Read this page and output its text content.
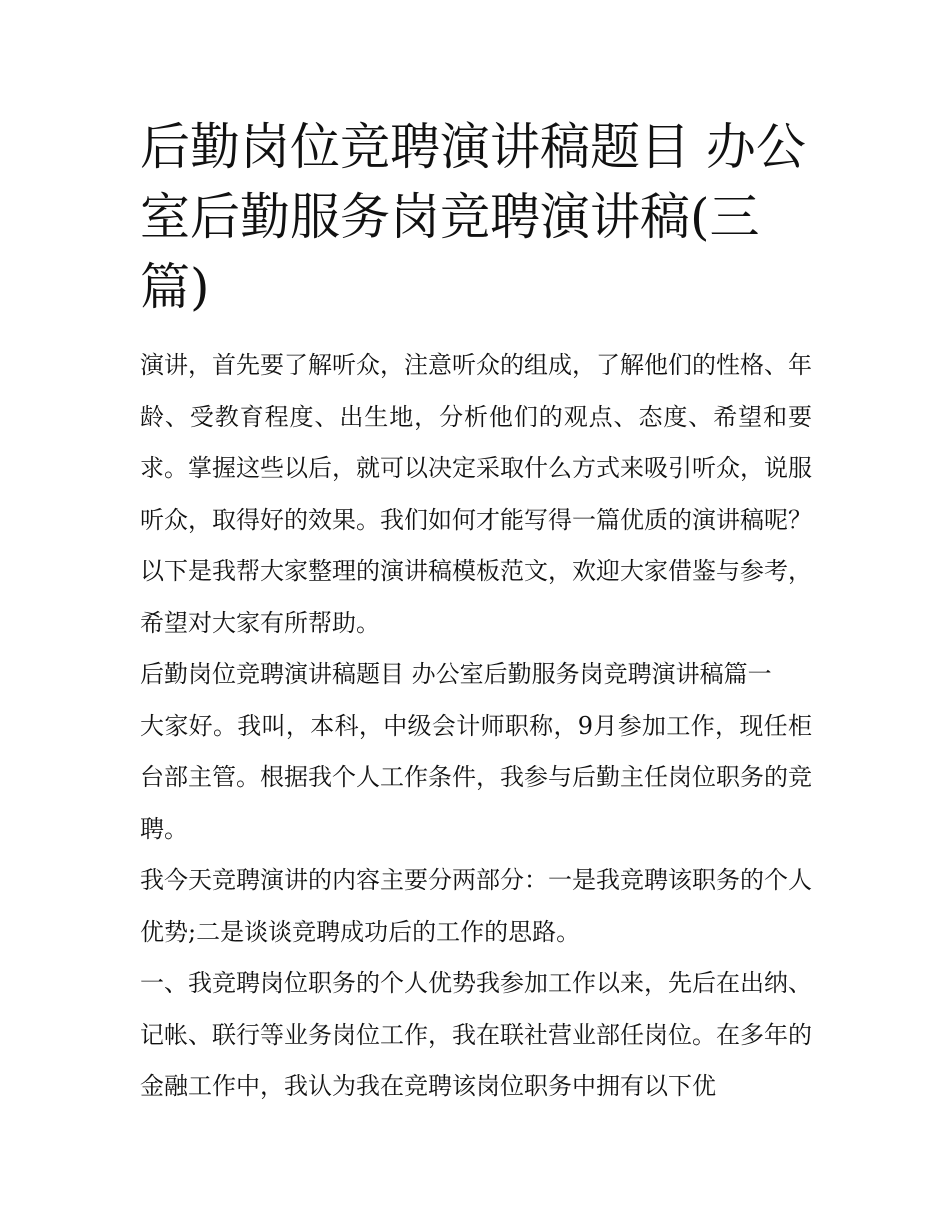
后勤岗位竞聘演讲稿题目 办公室后勤服务岗竞聘演讲稿(三篇)

演讲，首先要了解听众，注意听众的组成，了解他们的性格、年龄、受教育程度、出生地，分析他们的观点、态度、希望和要求。掌握这些以后，就可以决定采取什么方式来吸引听众，说服听众，取得好的效果。我们如何才能写得一篇优质的演讲稿呢？以下是我帮大家整理的演讲稿模板范文，欢迎大家借鉴与参考，希望对大家有所帮助。

后勤岗位竞聘演讲稿题目 办公室后勤服务岗竞聘演讲稿篇一

大家好。我叫，本科，中级会计师职称，9月参加工作，现任柜台部主管。根据我个人工作条件，我参与后勤主任岗位职务的竞聘。

我今天竞聘演讲的内容主要分两部分：一是我竞聘该职务的个人优势;二是谈谈竞聘成功后的工作的思路。

一、我竞聘岗位职务的个人优势我参加工作以来，先后在出纳、记帐、联行等业务岗位工作，我在联社营业部任岗位。在多年的金融工作中，我认为我在竞聘该岗位职务中拥有以下优
